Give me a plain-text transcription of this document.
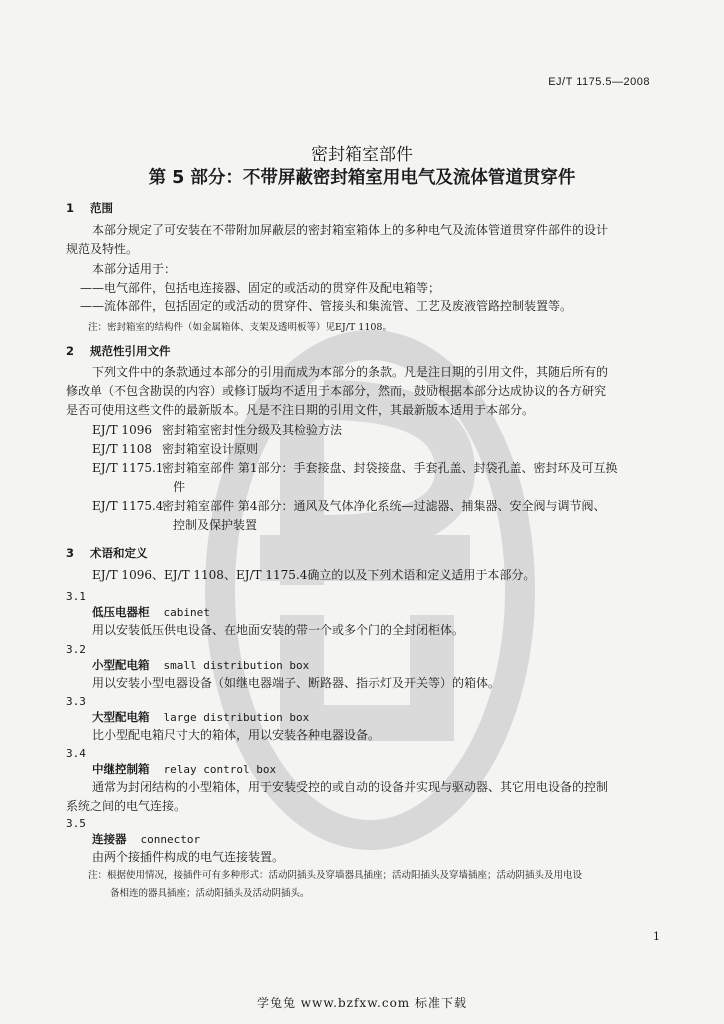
EJ/T 1175.5—2008
密封箱室部件
第 5 部分：不带屏蔽密封箱室用电气及流体管道贯穿件
1 范围
本部分规定了可安装在不带附加屏蔽层的密封箱室箱体上的多种电气及流体管道贯穿件部件的设计
规范及特性。
本部分适用于：
——电气部件，包括电连接器、固定的或活动的贯穿件及配电箱等；
——流体部件，包括固定的或活动的贯穿件、管接头和集流管、工艺及废液管路控制装置等。
注：密封箱室的结构件（如金属箱体、支架及透明板等）见EJ/T 1108。
2 规范性引用文件
下列文件中的条款通过本部分的引用而成为本部分的条款。凡是注日期的引用文件，其随后所有的
修改单（不包含勘误的内容）或修订版均不适用于本部分，然而，鼓励根据本部分达成协议的各方研究
是否可使用这些文件的最新版本。凡是不注日期的引用文件，其最新版本适用于本部分。
EJ/T 1096 密封箱室密封性分级及其检验方法
EJ/T 1108 密封箱室设计原则
EJ/T 1175.1密封箱室部件 第1部分：手套接盘、封袋接盘、手套孔盖、封袋孔盖、密封环及可互换
件
EJ/T 1175.4密封箱室部件 第4部分：通风及气体净化系统—过滤器、捕集器、安全阀与调节阀、
控制及保护装置
3 术语和定义
EJ/T 1096、EJ/T 1108、EJ/T 1175.4确立的以及下列术语和定义适用于本部分。
3.1
低压电器柜 cabinet
用以安装低压供电设备、在地面安装的带一个或多个门的全封闭柜体。
3.2
小型配电箱 small distribution box
用以安装小型电器设备（如继电器端子、断路器、指示灯及开关等）的箱体。
3.3
大型配电箱 large distribution box
比小型配电箱尺寸大的箱体，用以安装各种电器设备。
3.4
中继控制箱 relay control box
通常为封闭结构的小型箱体，用于安装受控的或自动的设备并实现与驱动器、其它用电设备的控制
系统之间的电气连接。
3.5
连接器 connector
由两个接插件构成的电气连接装置。
注：根据使用情况，接插件可有多种形式：活动阴插头及穿墙器具插座；活动阳插头及穿墙插座；活动阴插头及用电设
备相连的器具插座；活动阳插头及活动阴插头。
1
学兔兔 www.bzfxw.com 标准下载
